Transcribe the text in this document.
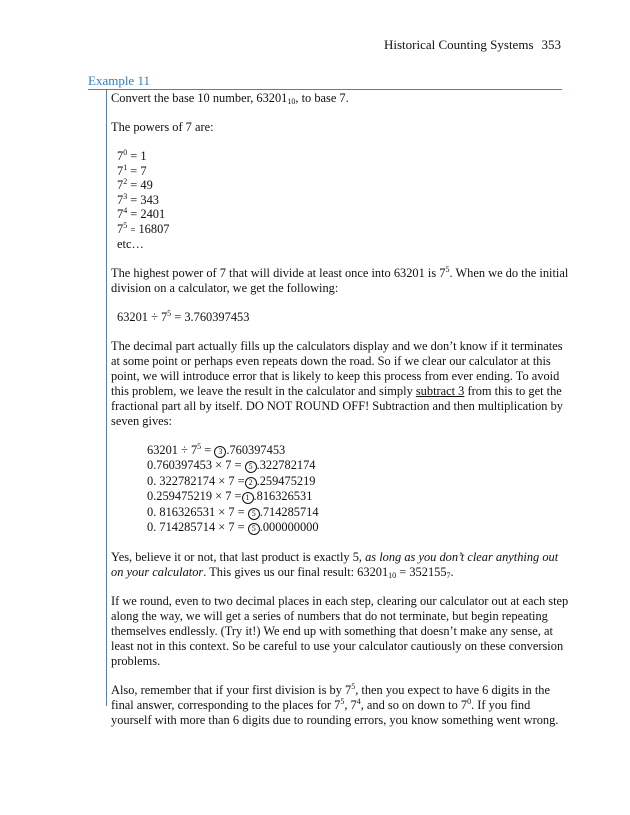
Historical Counting Systems 353
Example 11

Convert the base 10 number, $63201_{10}$, to base 7.

The powers of 7 are:

$7^0 = 1$
$7^1 = 7$
$7^2 = 49$
$7^3 = 343$
$7^4 = 2401$
$7^5 = 16807$
etc…

The highest power of 7 that will divide at least once into 63201 is $7^5$. When we do the initial division on a calculator, we get the following:

$63201 \div 7^5 = 3.760397453$

The decimal part actually fills up the calculators display and we don’t know if it terminates at some point or perhaps even repeats down the road. So if we clear our calculator at this point, we will introduce error that is likely to keep this process from ever ending. To avoid this problem, we leave the result in the calculator and simply subtract 3 from this to get the fractional part all by itself. DO NOT ROUND OFF! Subtraction and then multiplication by seven gives:

$63201 \div 7^5 = 3$ .760397453
0.760397453 × 7 = 5 .322782174
0. 322782174 × 7 = 2 .259475219
0.259475219 × 7 = 1 .816326531
0. 816326531 × 7 = 5 .714285714
0. 714285714 × 7 = 5 .000000000

Yes, believe it or not, that last product is exactly 5, as long as you don’t clear anything out on your calculator. This gives us our final result: $63201_{10} = 352155_7$.

If we round, even to two decimal places in each step, clearing our calculator out at each step along the way, we will get a series of numbers that do not terminate, but begin repeating themselves endlessly. (Try it!) We end up with something that doesn’t make any sense, at least not in this context. So be careful to use your calculator cautiously on these conversion problems.

Also, remember that if your first division is by $7^5$, then you expect to have 6 digits in the final answer, corresponding to the places for $7^5$, $7^4$, and so on down to $7^0$. If you find yourself with more than 6 digits due to rounding errors, you know something went wrong.
